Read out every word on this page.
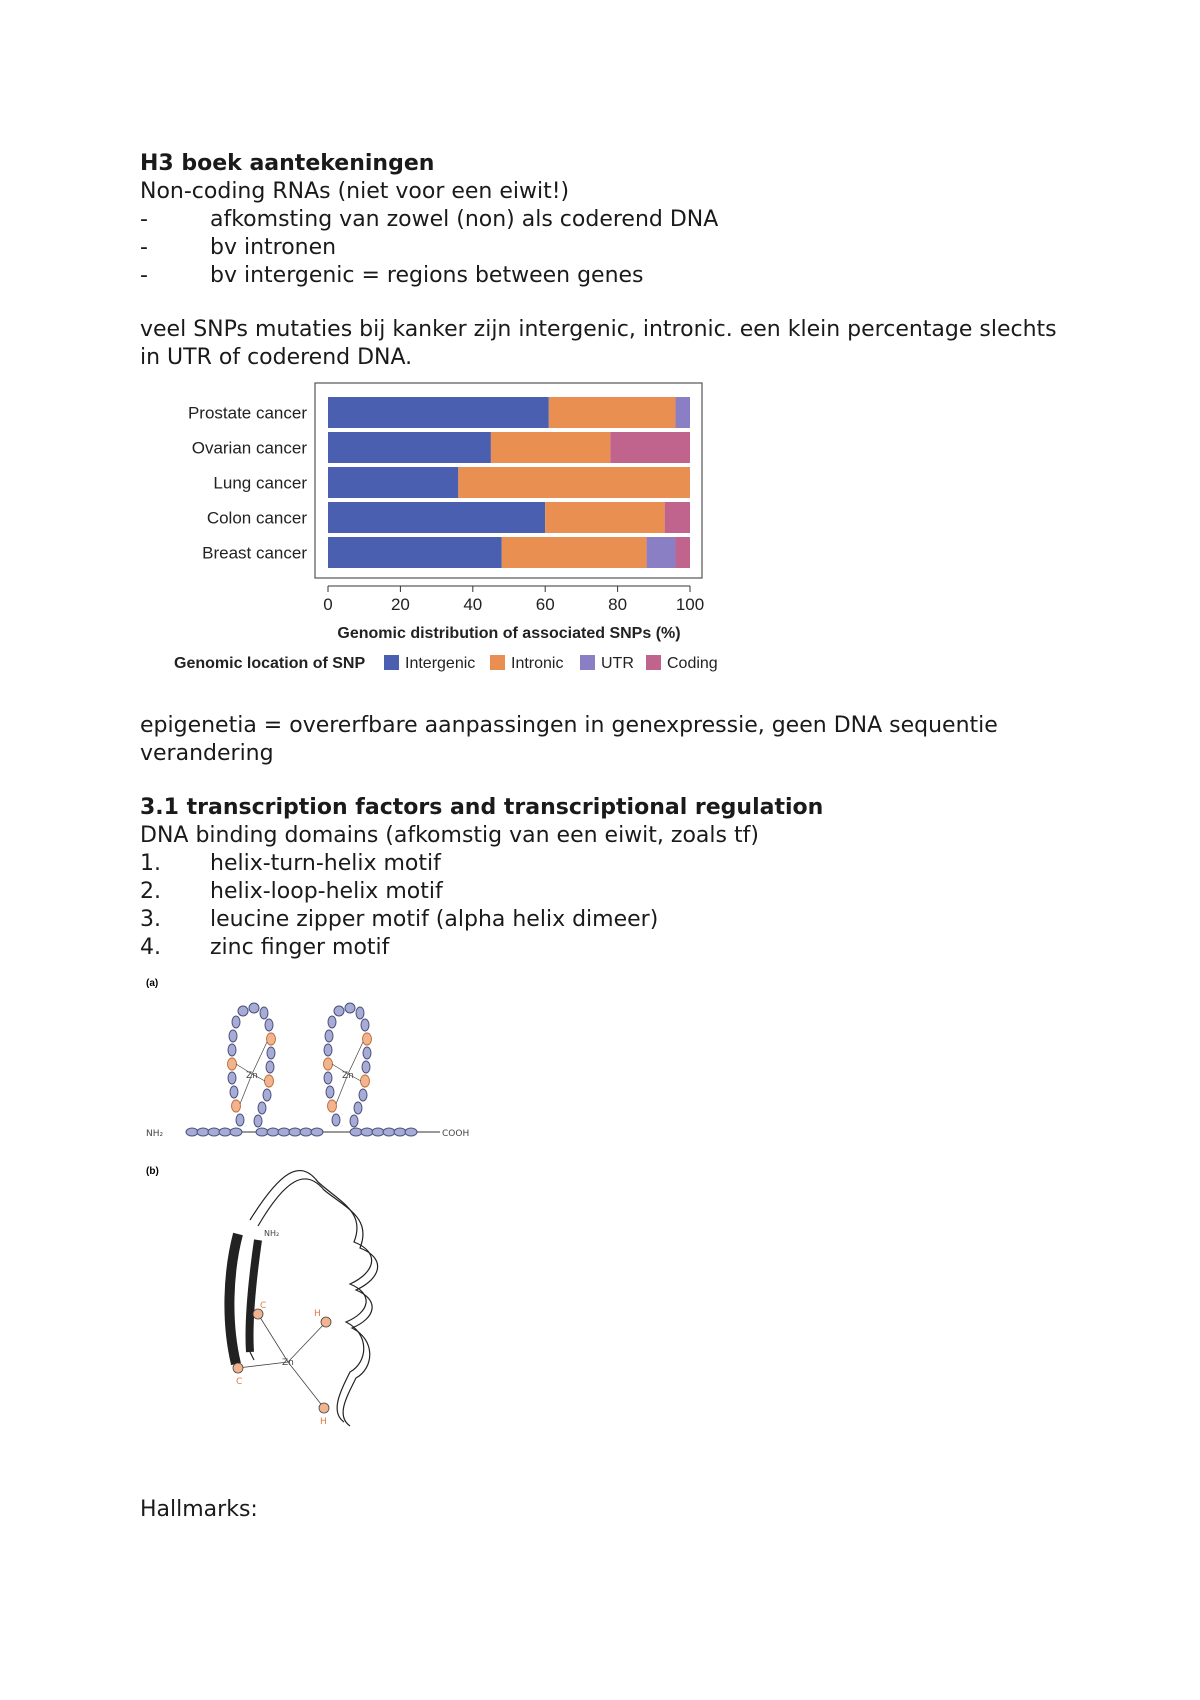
H3 boek aantekeningen

Non-coding RNAs (niet voor een eiwit!)

-	afkomsting van zowel (non) als coderend DNA
-	bv intronen
-	bv intergenic = regions between genes

veel SNPs mutaties bij kanker zijn intergenic, intronic. een klein percentage slechts in UTR of coderend DNA.

Prostate cancer
Ovarian cancer
Lung cancer
Colon cancer
Breast cancer
0	20	40	60	80	100
Genomic distribution of associated SNPs (%)
Genomic location of SNP Intergenic Intronic UTR Coding

epigenetia = overerfbare aanpassingen in genexpressie, geen DNA sequentie verandering

3.1 transcription factors and transcriptional regulation

DNA binding domains (afkomstig van een eiwit, zoals tf)

1.	helix-turn-helix motif
2.	helix-loop-helix motif
3.	leucine zipper motif (alpha helix dimeer)
4.	zinc finger motif
(a)
Zn	Zn
NH₂	COOH
(b)
Zn
NH₂
C
C
H
H

Hallmarks:
